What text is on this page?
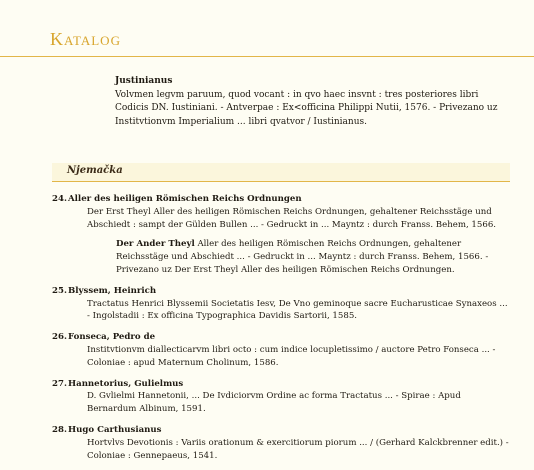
Katalog
Justinianus
Volvmen legvm paruum, quod vocant : in qvo haec insvnt : tres posteriores libri Codicis DN. Iustiniani. - Antverpae : Ex<officina Philippi Nutii, 1576. - Privezano uz Institvtionvm Imperialium ... libri qvatvor / Iustinianus.
Njemačka
24. Aller des heiligen Römischen Reichs Ordnungen
Der Erst Theyl Aller des heiligen Römischen Reichs Ordnungen, gehaltener Reichsstäge und Abschiedt : sampt der Gülden Bullen ... - Gedruckt in ... Mayntz : durch Franss. Behem, 1566.
Der Ander Theyl Aller des heiligen Römischen Reichs Ordnungen, gehaltener Reichsstäge und Abschiedt ... - Gedruckt in ... Mayntz : durch Franss. Behem, 1566. - Privezano uz Der Erst Theyl Aller des heiligen Römischen Reichs Ordnungen.
25. Blyssem, Heinrich
Tractatus Henrici Blyssemii Societatis Iesv, De Vno geminoque sacre Eucharusticae Synaxeos ... - Ingolstadii : Ex officina Typographica Davidis Sartorii, 1585.
26. Fonseca, Pedro de
Institvtionvm diallecticarvm libri octo : cum indice locupletissimo / auctore Petro Fonseca ... - Coloniae : apud Maternum Cholinum, 1586.
27. Hannetorius, Gulielmus
D. Gvlielmi Hannetonii, ... De Ivdiciorvm Ordine ac forma Tractatus ... - Spirae : Apud Bernardum Albinum, 1591.
28. Hugo Carthusianus
Hortvlvs Devotionis : Variis orationum & exercitiorum piorum ... / (Gerhard Kalckbrenner edit.) - Coloniae : Gennepaeus, 1541.
